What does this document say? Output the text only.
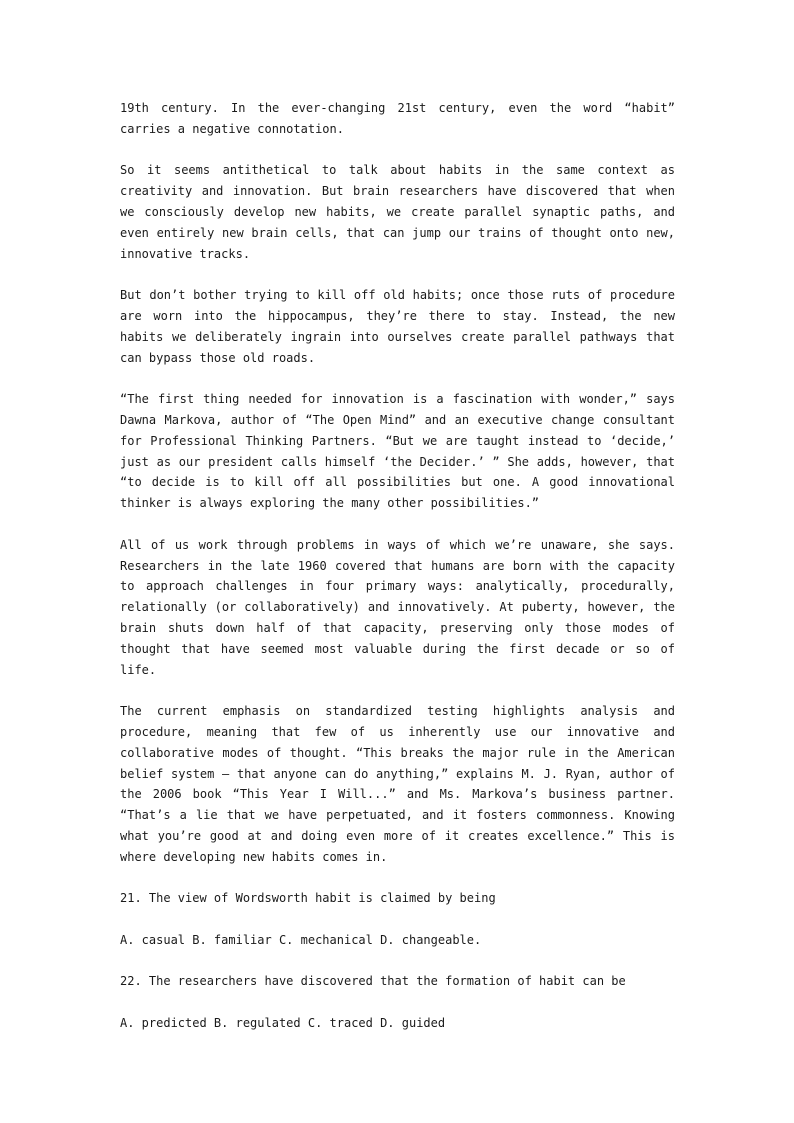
19th century. In the ever-changing 21st century, even the word “habit” carries a negative connotation.

So it seems antithetical to talk about habits in the same context as creativity and innovation. But brain researchers have discovered that when we consciously develop new habits, we create parallel synaptic paths, and even entirely new brain cells, that can jump our trains of thought onto new, innovative tracks.

But don’t bother trying to kill off old habits; once those ruts of procedure are worn into the hippocampus, they’re there to stay. Instead, the new habits we deliberately ingrain into ourselves create parallel pathways that can bypass those old roads.

“The first thing needed for innovation is a fascination with wonder,” says Dawna Markova, author of “The Open Mind” and an executive change consultant for Professional Thinking Partners. “But we are taught instead to ‘decide,’ just as our president calls himself ‘the Decider.’ ” She adds, however, that “to decide is to kill off all possibilities but one. A good innovational thinker is always exploring the many other possibilities.”

All of us work through problems in ways of which we’re unaware, she says. Researchers in the late 1960 covered that humans are born with the capacity to approach challenges in four primary ways: analytically, procedurally, relationally (or collaboratively) and innovatively. At puberty, however, the brain shuts down half of that capacity, preserving only those modes of thought that have seemed most valuable during the first decade or so of life.

The current emphasis on standardized testing highlights analysis and procedure, meaning that few of us inherently use our innovative and collaborative modes of thought. “This breaks the major rule in the American belief system — that anyone can do anything,” explains M. J. Ryan, author of the 2006 book “This Year I Will...” and Ms. Markova’s business partner. “That’s a lie that we have perpetuated, and it fosters commonness. Knowing what you’re good at and doing even more of it creates excellence.” This is where developing new habits comes in.

21. The view of Wordsworth habit is claimed by being

A. casual B. familiar C. mechanical D. changeable.

22. The researchers have discovered that the formation of habit can be

A. predicted B. regulated C. traced D. guided
